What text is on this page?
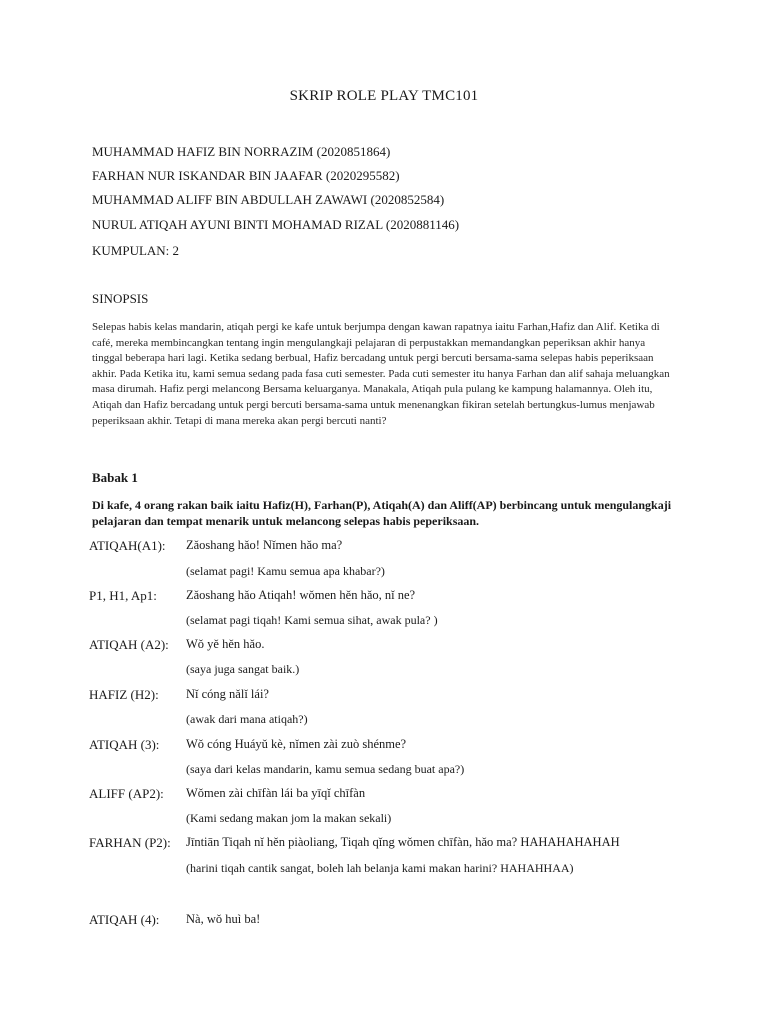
SKRIP ROLE PLAY TMC101
MUHAMMAD HAFIZ BIN NORRAZIM (2020851864)
FARHAN NUR ISKANDAR BIN JAAFAR (2020295582)
MUHAMMAD ALIFF BIN ABDULLAH ZAWAWI (2020852584)
NURUL ATIQAH AYUNI BINTI MOHAMAD RIZAL (2020881146)
KUMPULAN: 2
SINOPSIS
Selepas habis kelas mandarin, atiqah pergi ke kafe untuk berjumpa dengan kawan rapatnya iaitu Farhan,Hafiz dan Alif. Ketika di café, mereka membincangkan tentang ingin mengulangkaji pelajaran di perpustakkan memandangkan peperiksan akhir hanya tinggal beberapa hari lagi. Ketika sedang berbual, Hafiz bercadang untuk pergi bercuti bersama-sama selepas habis peperiksaan akhir. Pada Ketika itu, kami semua sedang pada fasa cuti semester. Pada cuti semester itu hanya Farhan dan alif sahaja meluangkan masa dirumah. Hafiz pergi melancong Bersama keluarganya. Manakala, Atiqah pula pulang ke kampung halamannya. Oleh itu, Atiqah dan Hafiz bercadang untuk pergi bercuti bersama-sama untuk menenangkan fikiran setelah bertungkus-lumus menjawab peperiksaan akhir. Tetapi di mana mereka akan pergi bercuti nanti?
Babak 1
Di kafe, 4 orang rakan baik iaitu Hafiz(H), Farhan(P), Atiqah(A) dan Aliff(AP) berbincang untuk mengulangkaji pelajaran dan tempat menarik untuk melancong selepas habis peperiksaan.
ATIQAH(A1): Zǎoshang hǎo! Nǐmen hǎo ma?
(selamat pagi! Kamu semua apa khabar?)
P1, H1, Ap1: Zǎoshang hǎo Atiqah! wǒmen hěn hǎo, nǐ ne?
(selamat pagi tiqah! Kami semua sihat, awak pula? )
ATIQAH (A2): Wǒ yě hěn hǎo.
(saya juga sangat baik.)
HAFIZ (H2): Nǐ cóng nǎlǐ lái?
(awak dari mana atiqah?)
ATIQAH (3): Wǒ cóng Huáyǔ kè, nǐmen zài zuò shénme?
(saya dari kelas mandarin, kamu semua sedang buat apa?)
ALIFF (AP2): Wǒmen zài chīfàn lái ba yīqǐ chīfàn
(Kami sedang makan jom la makan sekali)
FARHAN (P2): Jīntiān Tiqah nǐ hěn piàoliang, Tiqah qǐng wǒmen chīfàn, hǎo ma? HAHAHAHAHAH
(harini tiqah cantik sangat, boleh lah belanja kami makan harini? HAHAHHAA)
ATIQAH (4): Nà, wǒ huì ba!
